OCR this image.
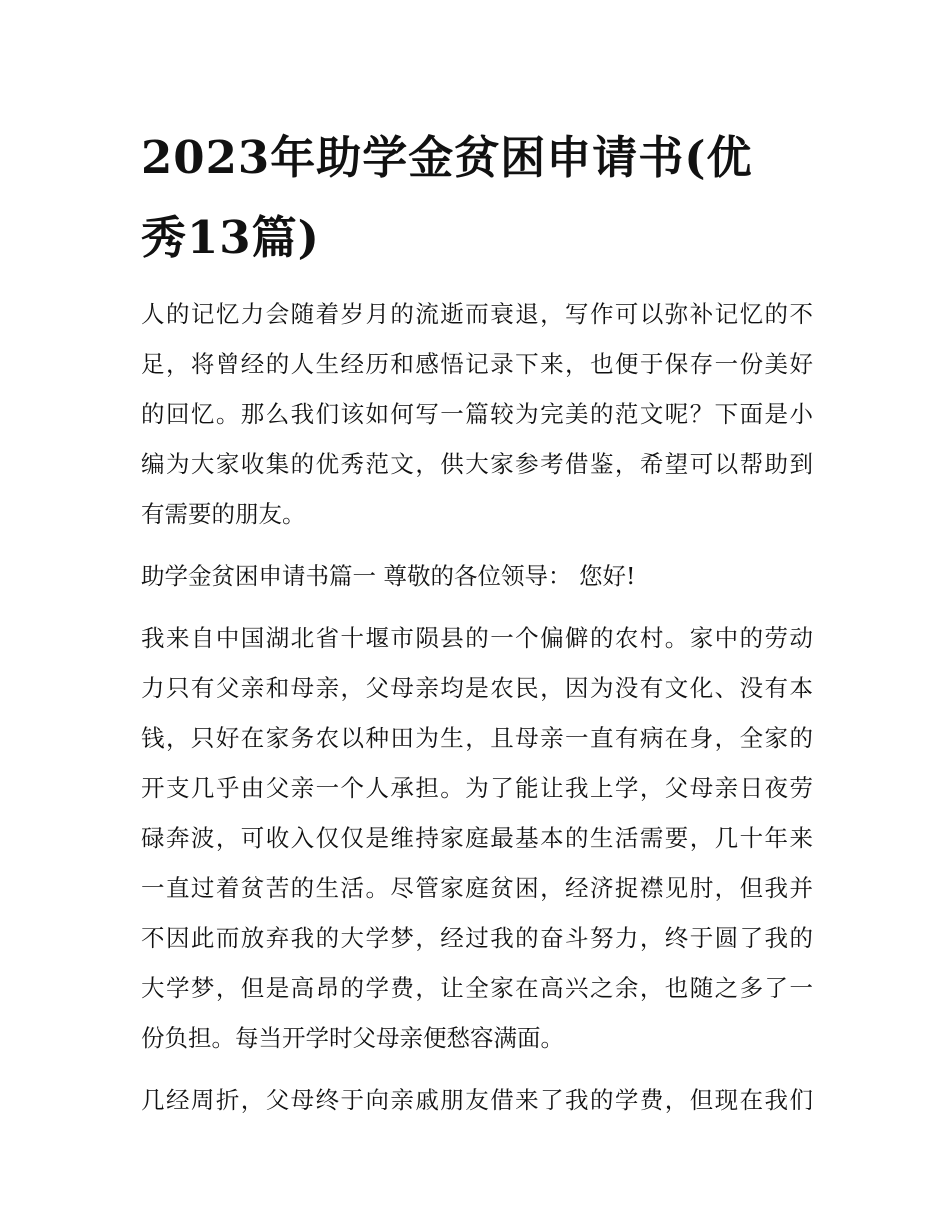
2023年助学金贫困申请书(优
秀13篇)
人的记忆力会随着岁月的流逝而衰退，写作可以弥补记忆的不
足，将曾经的人生经历和感悟记录下来，也便于保存一份美好
的回忆。那么我们该如何写一篇较为完美的范文呢？下面是小
编为大家收集的优秀范文，供大家参考借鉴，希望可以帮助到
有需要的朋友。
助学金贫困申请书篇一 尊敬的各位领导： 您好!
我来自中国湖北省十堰市陨县的一个偏僻的农村。家中的劳动
力只有父亲和母亲，父母亲均是农民，因为没有文化、没有本
钱，只好在家务农以种田为生，且母亲一直有病在身，全家的
开支几乎由父亲一个人承担。为了能让我上学，父母亲日夜劳
碌奔波，可收入仅仅是维持家庭最基本的生活需要，几十年来
一直过着贫苦的生活。尽管家庭贫困，经济捉襟见肘，但我并
不因此而放弃我的大学梦，经过我的奋斗努力，终于圆了我的
大学梦，但是高昂的学费，让全家在高兴之余，也随之多了一
份负担。每当开学时父母亲便愁容满面。
几经周折，父母终于向亲戚朋友借来了我的学费，但现在我们
